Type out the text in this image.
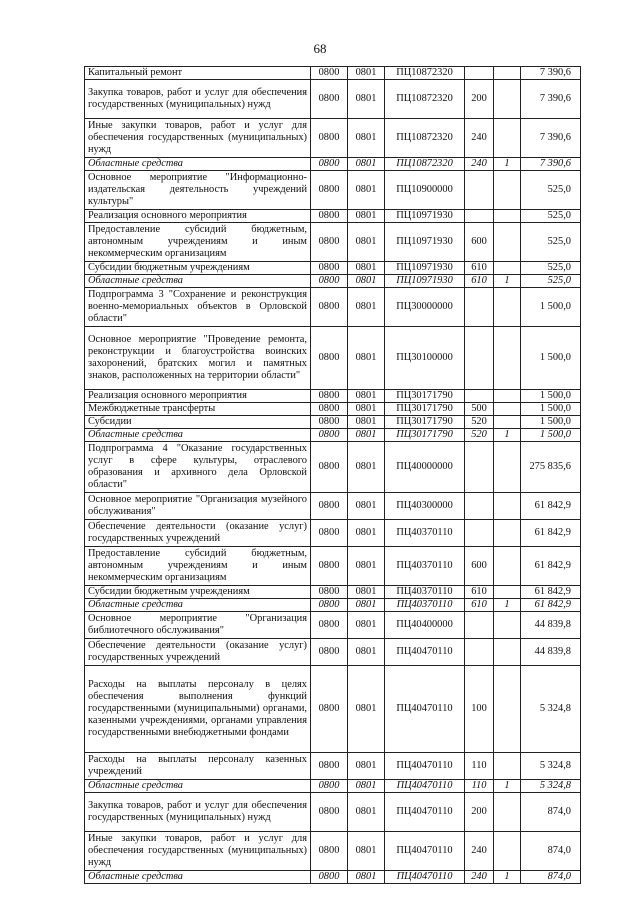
68
Капитальный ремонт	0800	0801	ПЦ10872320			7 390,6
Закупка товаров, работ и услуг для обеспечения государственных (муниципальных) нужд	0800	0801	ПЦ10872320	200		7 390,6
Иные закупки товаров, работ и услуг для обеспечения государственных (муниципальных) нужд	0800	0801	ПЦ10872320	240		7 390,6
Областные средства	0800	0801	ПЦ10872320	240	1	7 390,6
Основное мероприятие "Информационно-издательская деятельность учреждений культуры"	0800	0801	ПЦ10900000			525,0
Реализация основного мероприятия	0800	0801	ПЦ10971930			525,0
Предоставление субсидий бюджетным, автономным учреждениям и иным некоммерческим организациям	0800	0801	ПЦ10971930	600		525,0
Субсидии бюджетным учреждениям	0800	0801	ПЦ10971930	610		525,0
Областные средства	0800	0801	ПЦ10971930	610	1	525,0
Подпрограмма 3 "Сохранение и реконструкция военно-мемориальных объектов в Орловской области"	0800	0801	ПЦ30000000			1 500,0
Основное мероприятие "Проведение ремонта, реконструкции и благоустройства воинских захоронений, братских могил и памятных знаков, расположенных на территории области"	0800	0801	ПЦ30100000			1 500,0
Реализация основного мероприятия	0800	0801	ПЦ30171790			1 500,0
Межбюджетные трансферты	0800	0801	ПЦ30171790	500		1 500,0
Субсидии	0800	0801	ПЦ30171790	520		1 500,0
Областные средства	0800	0801	ПЦ30171790	520	1	1 500,0
Подпрограмма 4 "Оказание государственных услуг в сфере культуры, отраслевого образования и архивного дела Орловской области"	0800	0801	ПЦ40000000			275 835,6
Основное мероприятие "Организация музейного обслуживания"	0800	0801	ПЦ40300000			61 842,9
Обеспечение деятельности (оказание услуг) государственных учреждений	0800	0801	ПЦ40370110			61 842,9
Предоставление субсидий бюджетным, автономным учреждениям и иным некоммерческим организациям	0800	0801	ПЦ40370110	600		61 842,9
Субсидии бюджетным учреждениям	0800	0801	ПЦ40370110	610		61 842,9
Областные средства	0800	0801	ПЦ40370110	610	1	61 842,9
Основное мероприятие "Организация библиотечного обслуживания"	0800	0801	ПЦ40400000			44 839,8
Обеспечение деятельности (оказание услуг) государственных учреждений	0800	0801	ПЦ40470110			44 839,8
Расходы на выплаты персоналу в целях обеспечения выполнения функций государственными (муниципальными) органами, казенными учреждениями, органами управления государственными внебюджетными фондами	0800	0801	ПЦ40470110	100		5 324,8
Расходы на выплаты персоналу казенных учреждений	0800	0801	ПЦ40470110	110		5 324,8
Областные средства	0800	0801	ПЦ40470110	110	1	5 324,8
Закупка товаров, работ и услуг для обеспечения государственных (муниципальных) нужд	0800	0801	ПЦ40470110	200		874,0
Иные закупки товаров, работ и услуг для обеспечения государственных (муниципальных) нужд	0800	0801	ПЦ40470110	240		874,0
Областные средства	0800	0801	ПЦ40470110	240	1	874,0
